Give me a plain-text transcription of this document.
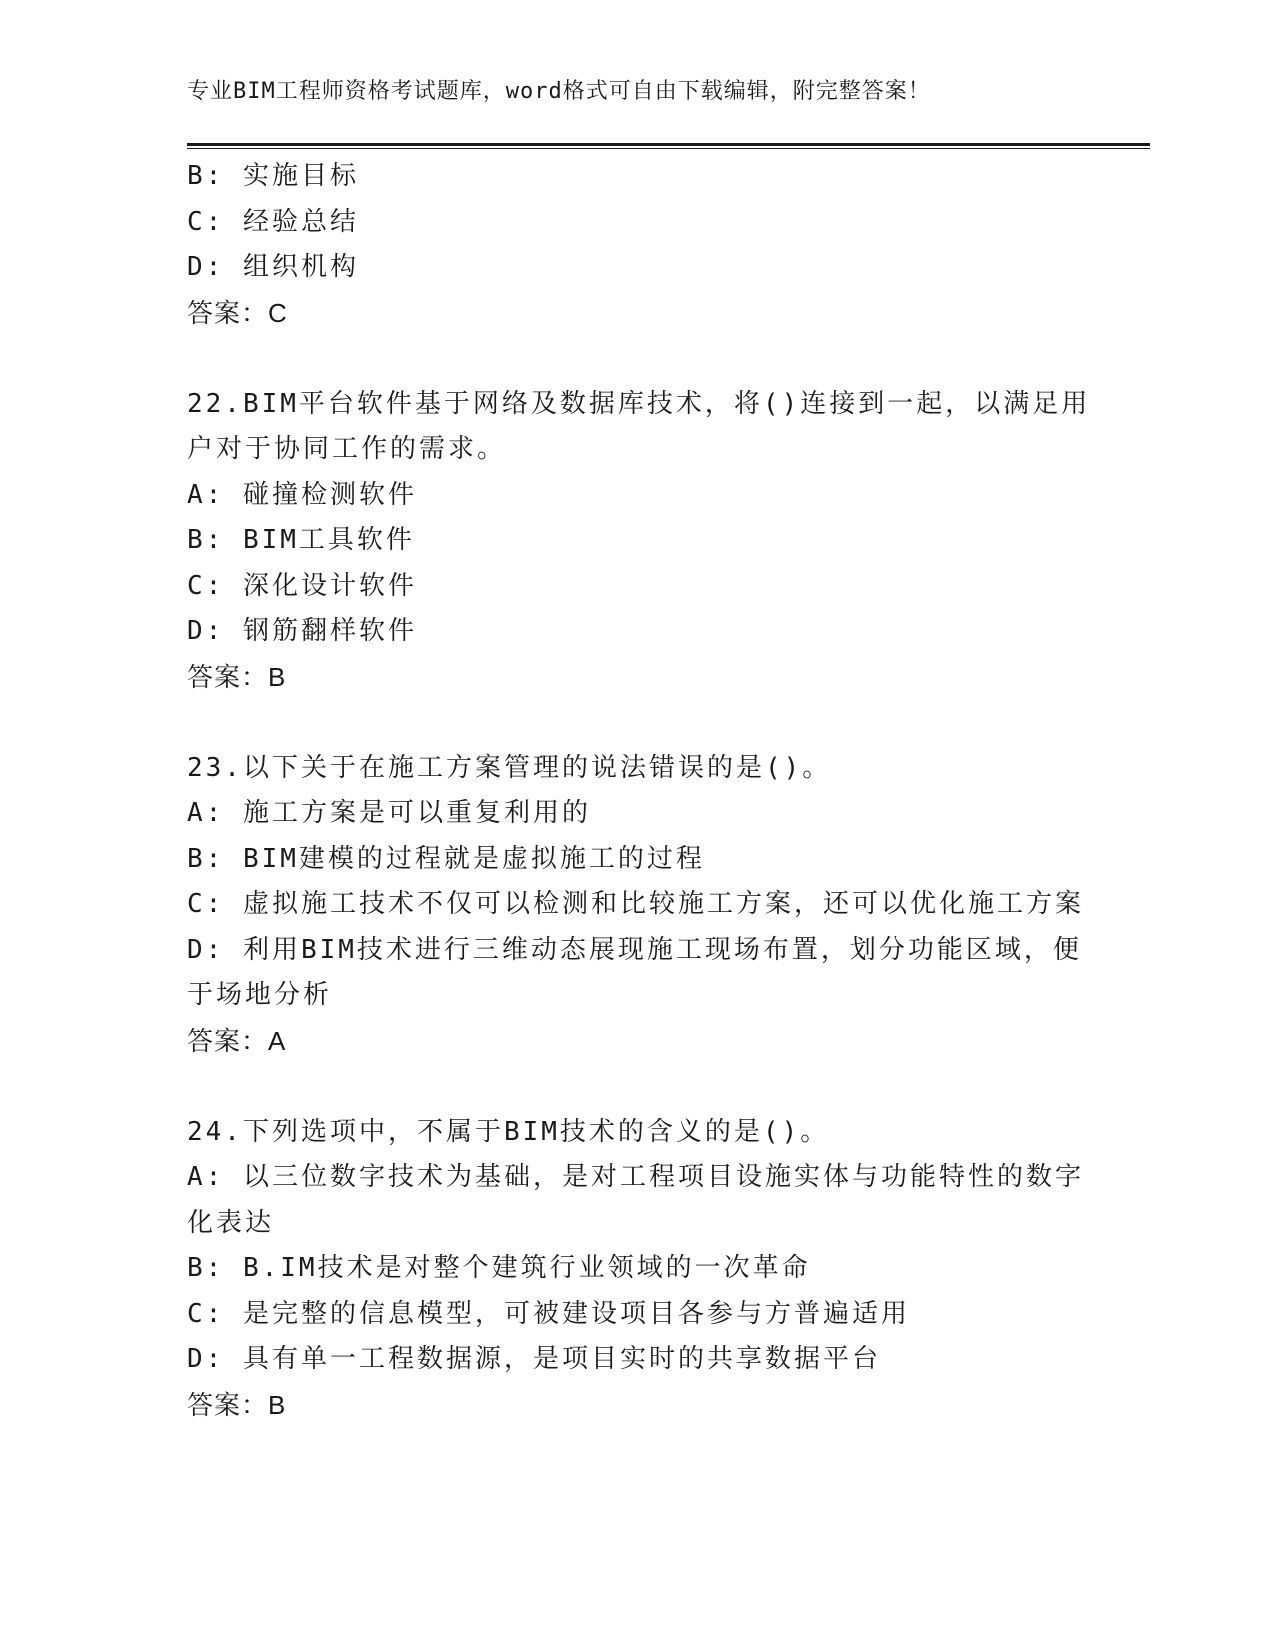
专业BIM工程师资格考试题库，word格式可自由下载编辑，附完整答案！
B: 实施目标
C: 经验总结
D: 组织机构
答案：C
22.BIM平台软件基于网络及数据库技术，将()连接到一起，以满足用
户对于协同工作的需求。
A: 碰撞检测软件
B: BIM工具软件
C: 深化设计软件
D: 钢筋翻样软件
答案：B
23.以下关于在施工方案管理的说法错误的是()。
A: 施工方案是可以重复利用的
B: BIM建模的过程就是虚拟施工的过程
C: 虚拟施工技术不仅可以检测和比较施工方案，还可以优化施工方案
D: 利用BIM技术进行三维动态展现施工现场布置，划分功能区域，便
于场地分析
答案：A
24.下列选项中，不属于BIM技术的含义的是()。
A: 以三位数字技术为基础，是对工程项目设施实体与功能特性的数字
化表达
B: B.IM技术是对整个建筑行业领域的一次革命
C: 是完整的信息模型，可被建设项目各参与方普遍适用
D: 具有单一工程数据源，是项目实时的共享数据平台
答案：B
